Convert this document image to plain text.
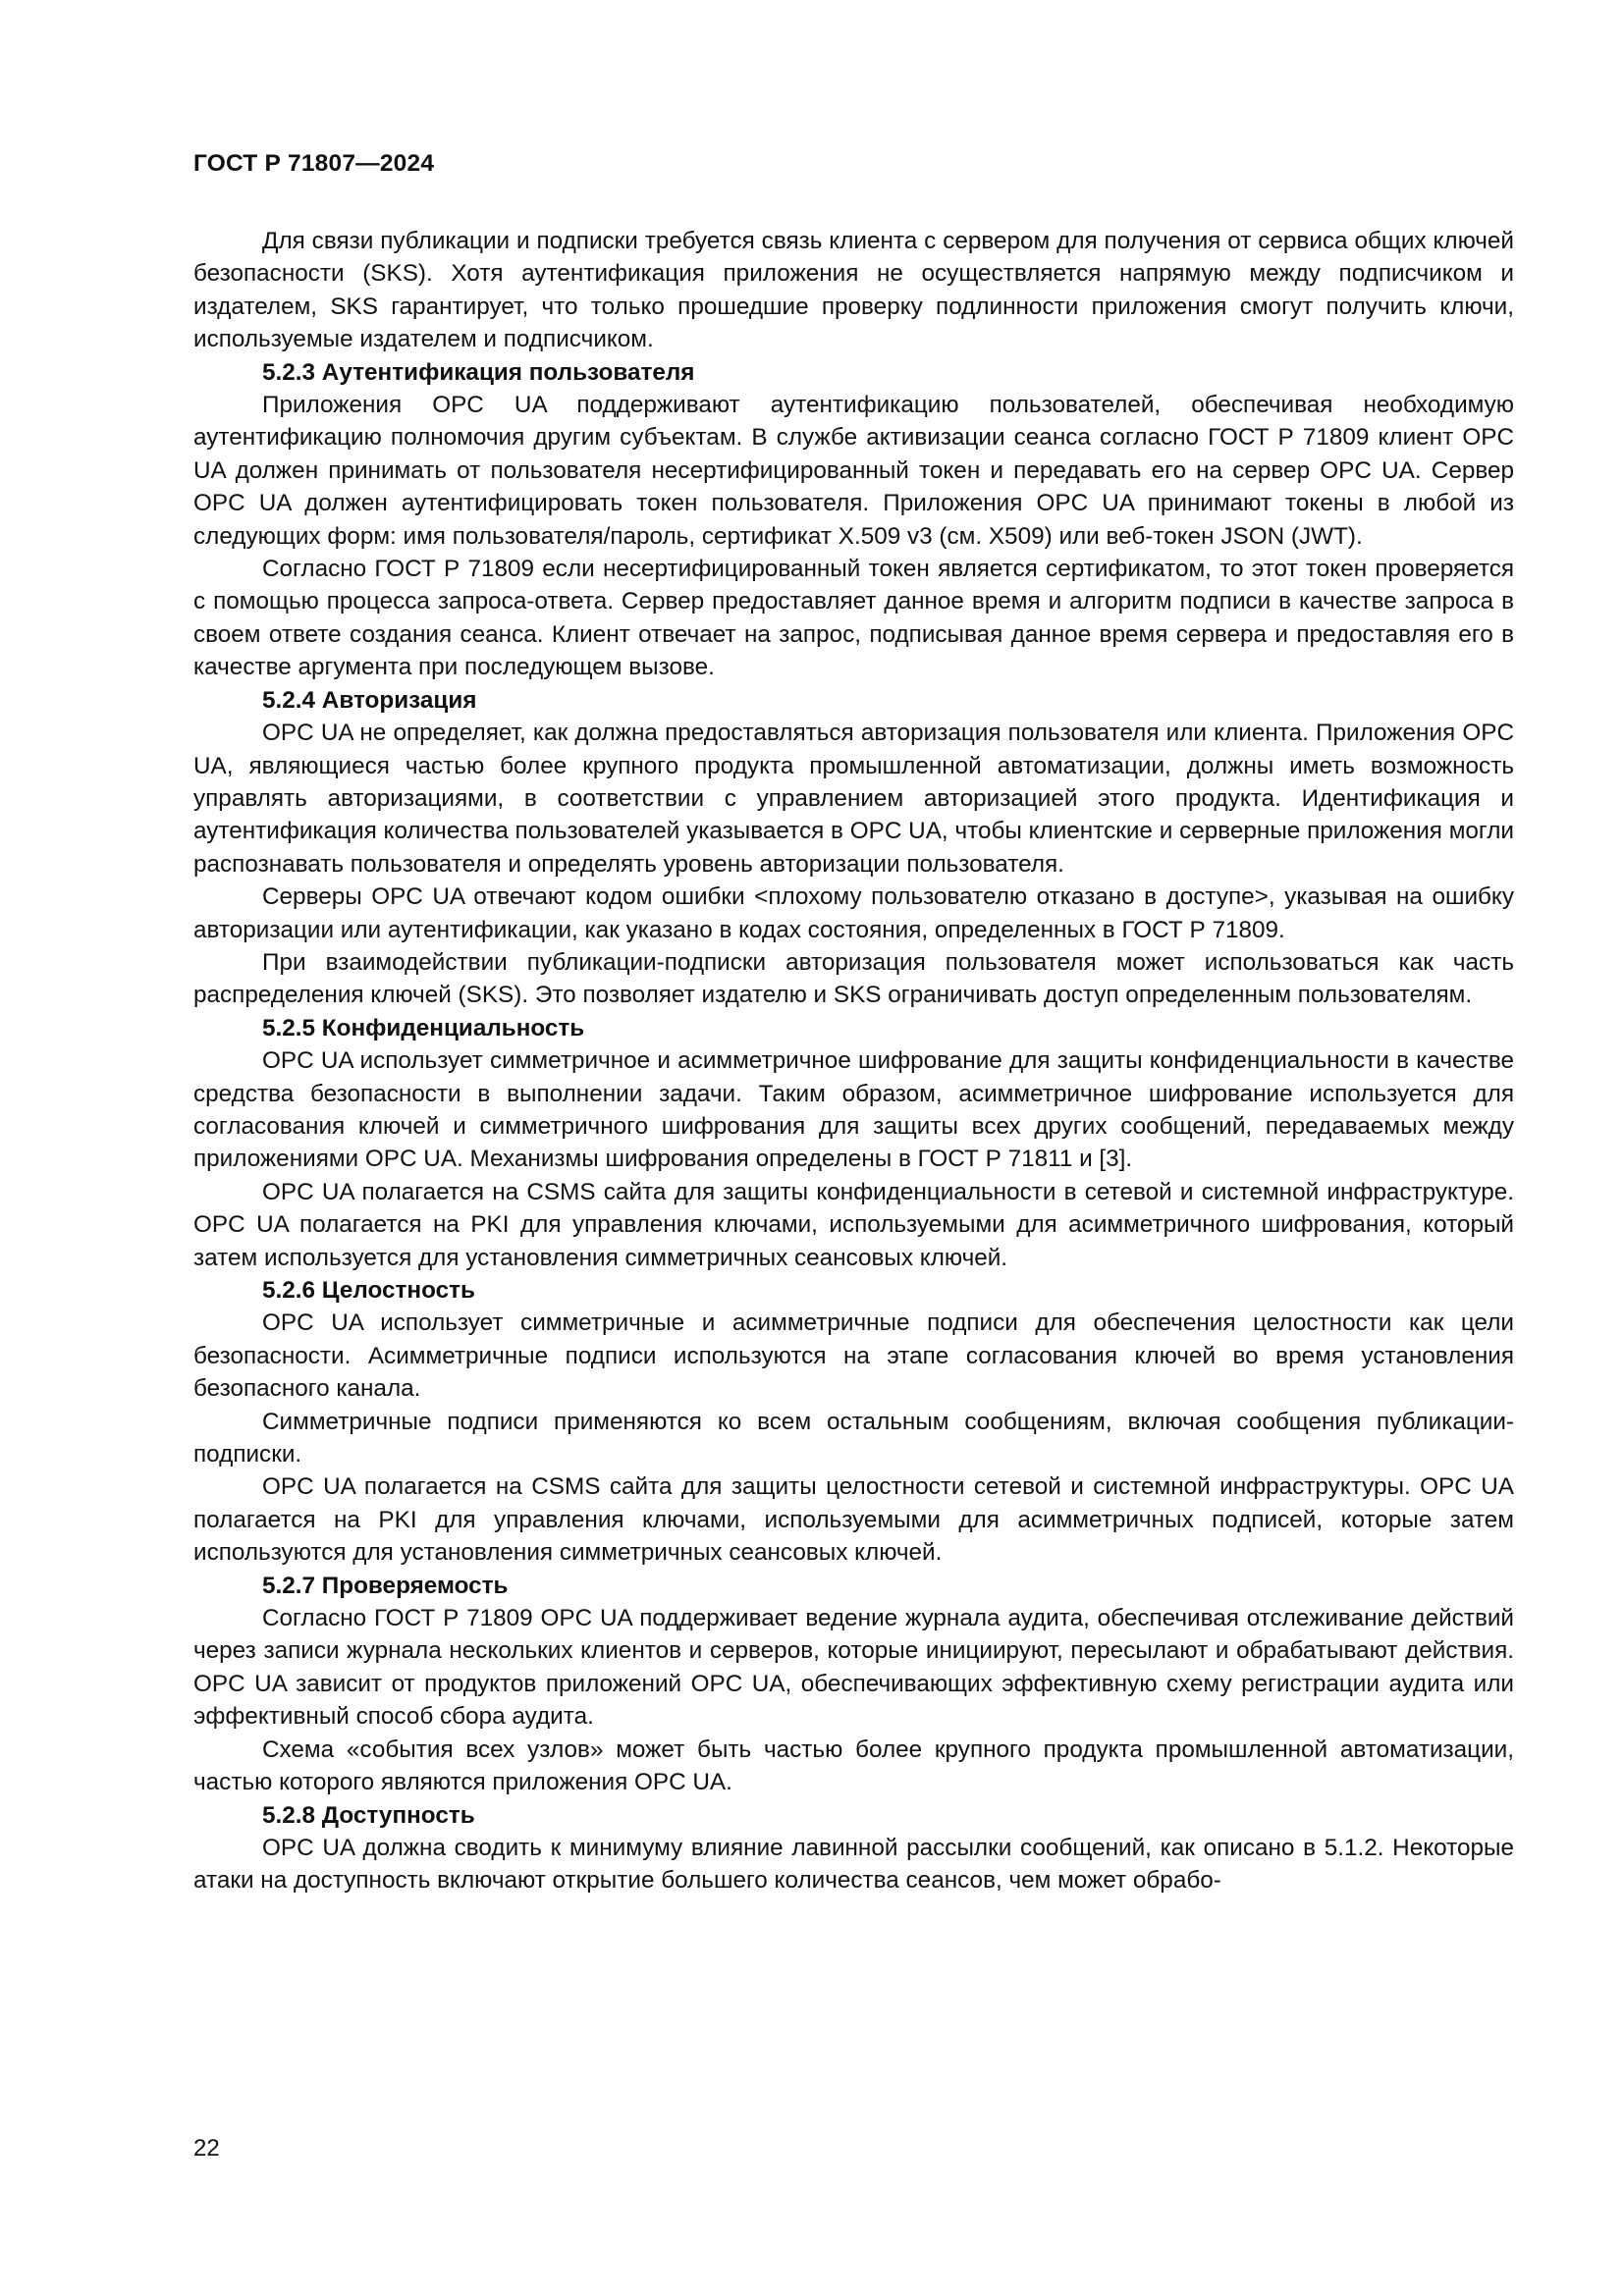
ГОСТ Р 71807—2024

Для связи публикации и подписки требуется связь клиента с сервером для получения от сервиса общих ключей безопасности (SKS). Хотя аутентификация приложения не осуществляется напрямую между подписчиком и издателем, SKS гарантирует, что только прошедшие проверку подлинности приложения смогут получить ключи, используемые издателем и подписчиком.

5.2.3 Аутентификация пользователя

Приложения OPC UA поддерживают аутентификацию пользователей, обеспечивая необходимую аутентификацию полномочия другим субъектам. В службе активизации сеанса согласно ГОСТ Р 71809 клиент OPC UA должен принимать от пользователя несертифицированный токен и передавать его на сервер OPC UA. Сервер OPC UA должен аутентифицировать токен пользователя. Приложения OPC UA принимают токены в любой из следующих форм: имя пользователя/пароль, сертификат X.509 v3 (см. X509) или веб-токен JSON (JWT).

Согласно ГОСТ Р 71809 если несертифицированный токен является сертификатом, то этот токен проверяется с помощью процесса запроса-ответа. Сервер предоставляет данное время и алгоритм подписи в качестве запроса в своем ответе создания сеанса. Клиент отвечает на запрос, подписывая данное время сервера и предоставляя его в качестве аргумента при последующем вызове.

5.2.4 Авторизация

OPC UA не определяет, как должна предоставляться авторизация пользователя или клиента. Приложения OPC UA, являющиеся частью более крупного продукта промышленной автоматизации, должны иметь возможность управлять авторизациями, в соответствии с управлением авторизацией этого продукта. Идентификация и аутентификация количества пользователей указывается в OPC UA, чтобы клиентские и серверные приложения могли распознавать пользователя и определять уровень авторизации пользователя.

Серверы OPC UA отвечают кодом ошибки <плохому пользователю отказано в доступе>, указывая на ошибку авторизации или аутентификации, как указано в кодах состояния, определенных в ГОСТ Р 71809.

При взаимодействии публикации-подписки авторизация пользователя может использоваться как часть распределения ключей (SKS). Это позволяет издателю и SKS ограничивать доступ определенным пользователям.

5.2.5 Конфиденциальность

OPC UA использует симметричное и асимметричное шифрование для защиты конфиденциальности в качестве средства безопасности в выполнении задачи. Таким образом, асимметричное шифрование используется для согласования ключей и симметричного шифрования для защиты всех других сообщений, передаваемых между приложениями OPC UA. Механизмы шифрования определены в ГОСТ Р 71811 и [3].

OPC UA полагается на CSMS сайта для защиты конфиденциальности в сетевой и системной инфраструктуре. OPC UA полагается на PKI для управления ключами, используемыми для асимметричного шифрования, который затем используется для установления симметричных сеансовых ключей.

5.2.6 Целостность

OPC UA использует симметричные и асимметричные подписи для обеспечения целостности как цели безопасности. Асимметричные подписи используются на этапе согласования ключей во время установления безопасного канала.

Симметричные подписи применяются ко всем остальным сообщениям, включая сообщения публикации-подписки.

OPC UA полагается на CSMS сайта для защиты целостности сетевой и системной инфраструктуры. OPC UA полагается на PKI для управления ключами, используемыми для асимметричных подписей, которые затем используются для установления симметричных сеансовых ключей.

5.2.7 Проверяемость

Согласно ГОСТ Р 71809 OPC UA поддерживает ведение журнала аудита, обеспечивая отслеживание действий через записи журнала нескольких клиентов и серверов, которые инициируют, пересылают и обрабатывают действия. OPC UA зависит от продуктов приложений OPC UA, обеспечивающих эффективную схему регистрации аудита или эффективный способ сбора аудита.

Схема «события всех узлов» может быть частью более крупного продукта промышленной автоматизации, частью которого являются приложения OPC UA.

5.2.8 Доступность

OPC UA должна сводить к минимуму влияние лавинной рассылки сообщений, как описано в 5.1.2. Некоторые атаки на доступность включают открытие большего количества сеансов, чем может обрабо-

22
